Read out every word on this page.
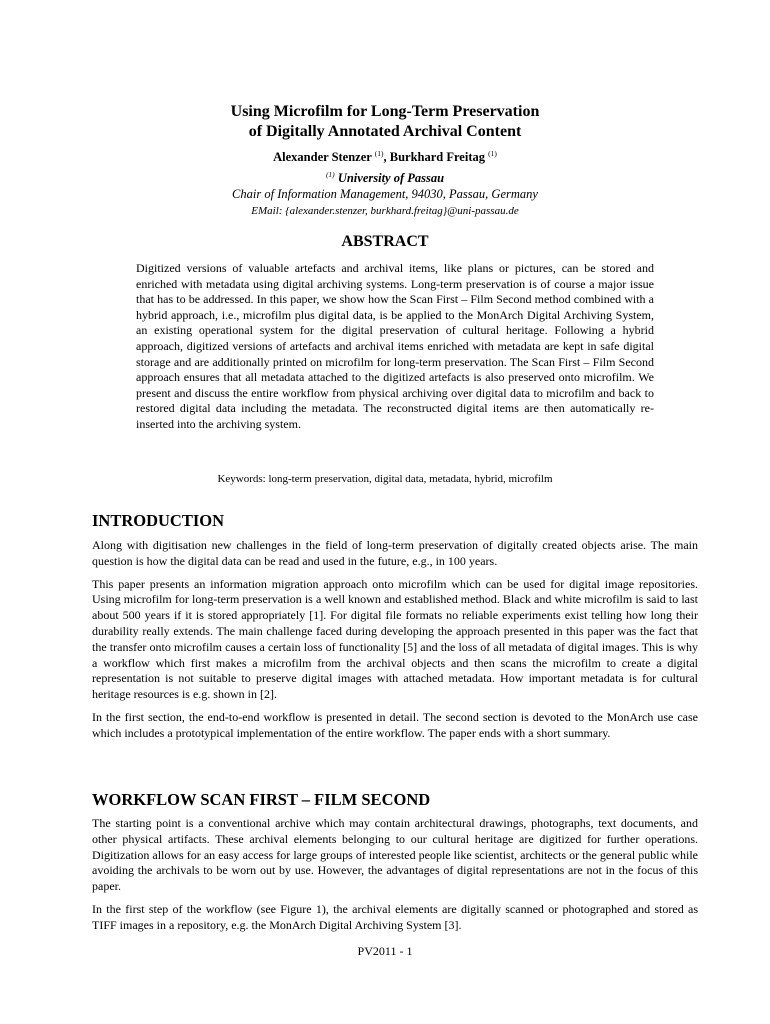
Using Microfilm for Long-Term Preservation
of Digitally Annotated Archival Content
Alexander Stenzer $^{(1)}$, Burkhard Freitag $^{(1)}$
$^{(1)}$ University of Passau
Chair of Information Management, 94030, Passau, Germany
EMail: {alexander.stenzer, burkhard.freitag}@uni-passau.de
ABSTRACT
Digitized versions of valuable artefacts and archival items, like plans or pictures, can be stored and enriched with metadata using digital archiving systems. Long-term preservation is of course a major issue that has to be addressed. In this paper, we show how the Scan First – Film Second method combined with a hybrid approach, i.e., microfilm plus digital data, is be applied to the MonArch Digital Archiving System, an existing operational system for the digital preservation of cultural heritage. Following a hybrid approach, digitized versions of artefacts and archival items enriched with metadata are kept in safe digital storage and are additionally printed on microfilm for long-term preservation. The Scan First – Film Second approach ensures that all metadata attached to the digitized artefacts is also preserved onto microfilm. We present and discuss the entire workflow from physical archiving over digital data to microfilm and back to restored digital data including the metadata. The reconstructed digital items are then automatically re-inserted into the archiving system.
Keywords: long-term preservation, digital data, metadata, hybrid, microfilm
INTRODUCTION

Along with digitisation new challenges in the field of long-term preservation of digitally created objects arise. The main question is how the digital data can be read and used in the future, e.g., in 100 years.

This paper presents an information migration approach onto microfilm which can be used for digital image repositories. Using microfilm for long-term preservation is a well known and established method. Black and white microfilm is said to last about 500 years if it is stored appropriately [1]. For digital file formats no reliable experiments exist telling how long their durability really extends. The main challenge faced during developing the approach presented in this paper was the fact that the transfer onto microfilm causes a certain loss of functionality [5] and the loss of all metadata of digital images. This is why a workflow which first makes a microfilm from the archival objects and then scans the microfilm to create a digital representation is not suitable to preserve digital images with attached metadata. How important metadata is for cultural heritage resources is e.g. shown in [2].

In the first section, the end-to-end workflow is presented in detail. The second section is devoted to the MonArch use case which includes a prototypical implementation of the entire workflow. The paper ends with a short summary.

WORKFLOW SCAN FIRST – FILM SECOND

The starting point is a conventional archive which may contain architectural drawings, photographs, text documents, and other physical artifacts. These archival elements belonging to our cultural heritage are digitized for further operations. Digitization allows for an easy access for large groups of interested people like scientist, architects or the general public while avoiding the archivals to be worn out by use. However, the advantages of digital representations are not in the focus of this paper.

In the first step of the workflow (see Figure 1), the archival elements are digitally scanned or photographed and stored as TIFF images in a repository, e.g. the MonArch Digital Archiving System [3].

PV2011 - 1
